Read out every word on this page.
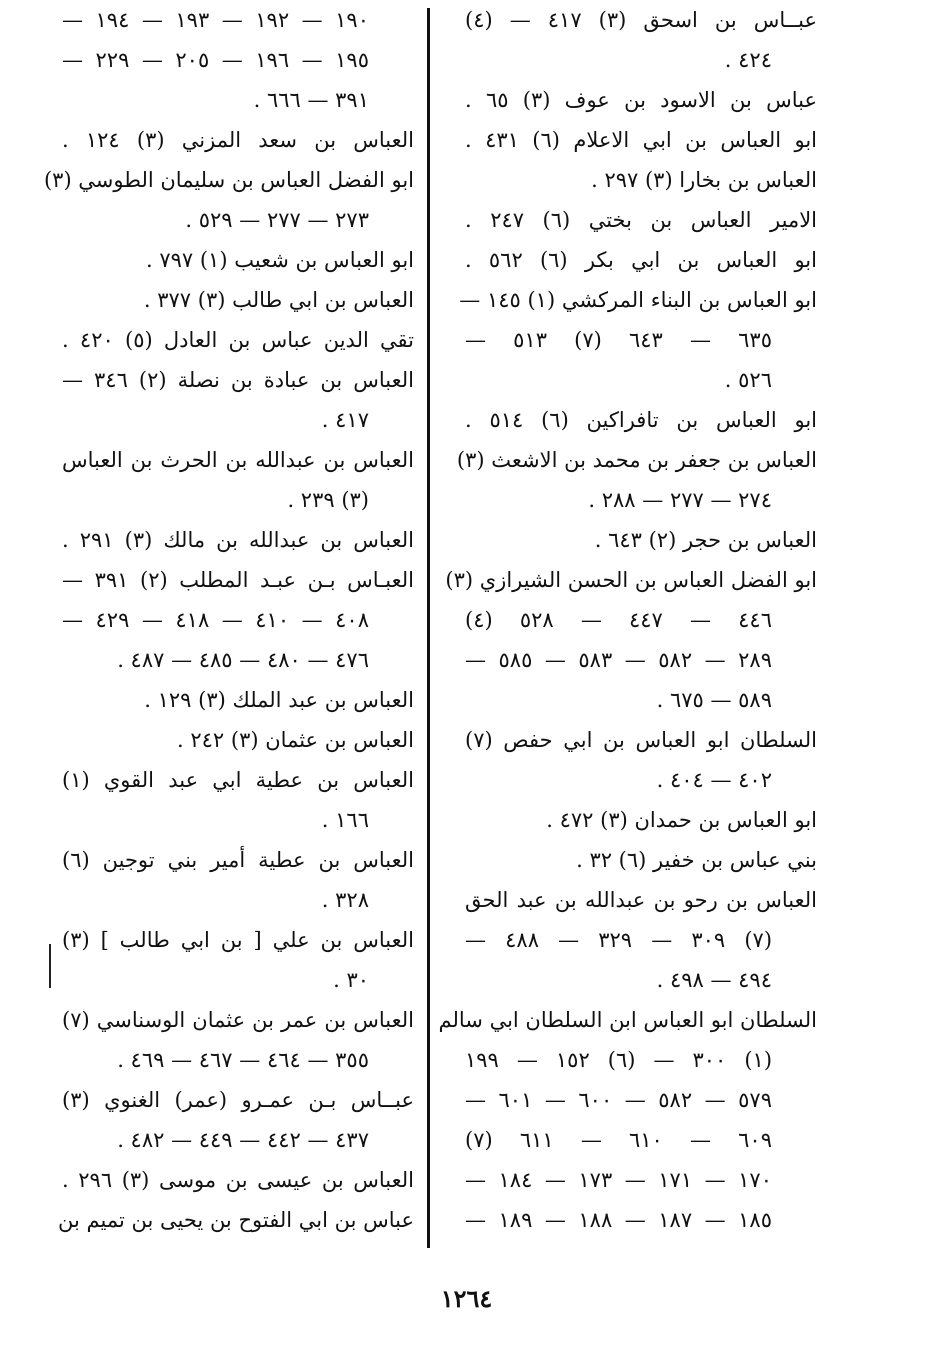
عبــاس بن اسحق (٣) ٤١٧ — (٤)
٤٢٤ .
عباس بن الاسود بن عوف (٣) ٦٥ .
ابو العباس بن ابي الاعلام (٦) ٤٣١ .
العباس بن بخارا (٣) ٢٩٧ .
الامير العباس بن بختي (٦) ٢٤٧ .
ابو العباس بن ابي بكر (٦) ٥٦٢ .
ابو العباس بن البناء المركشي (١) ١٤٥ —
٦٣٥ — ٦٤٣ (٧) ٥١٣ —
٥٢٦ .
ابو العباس بن تافراكين (٦) ٥١٤ .
العباس بن جعفر بن محمد بن الاشعث (٣)
٢٧٤ — ٢٧٧ — ٢٨٨ .
العباس بن حجر (٢) ٦٤٣ .
ابو الفضل العباس بن الحسن الشيرازي (٣)
٤٤٦ — ٤٤٧ — ٥٢٨ (٤)
٢٨٩ — ٥٨٢ — ٥٨٣ — ٥٨٥ —
٥٨٩ — ٦٧٥ .
السلطان ابو العباس بن ابي حفص (٧)
٤٠٢ — ٤٠٤ .
ابو العباس بن حمدان (٣) ٤٧٢ .
بني عباس بن خفير (٦) ٣٢ .
العباس بن رحو بن عبدالله بن عبد الحق
(٧) ٣٠٩ — ٣٢٩ — ٤٨٨ —
٤٩٤ — ٤٩٨ .
السلطان ابو العباس ابن السلطان ابي سالم
(١) ٣٠٠ — (٦) ١٥٢ — ١٩٩
٥٧٩ — ٥٨٢ — ٦٠٠ — ٦٠١ —
٦٠٩ — ٦١٠ — ٦١١ (٧)
١٧٠ — ١٧١ — ١٧٣ — ١٨٤ —
١٨٥ — ١٨٧ — ١٨٨ — ١٨٩ —
١٩٠ — ١٩٢ — ١٩٣ — ١٩٤ —
١٩٥ — ١٩٦ — ٢٠٥ — ٢٢٩ —
٣٩١ — ٦٦٦ .
العباس بن سعد المزني (٣) ١٢٤ .
ابو الفضل العباس بن سليمان الطوسي (٣)
٢٧٣ — ٢٧٧ — ٥٢٩ .
ابو العباس بن شعيب (١) ٧٩٧ .
العباس بن ابي طالب (٣) ٣٧٧ .
تقي الدين عباس بن العادل (٥) ٤٢٠ .
العباس بن عبادة بن نصلة (٢) ٣٤٦ —
٤١٧ .
العباس بن عبدالله بن الحرث بن العباس
(٣) ٢٣٩ .
العباس بن عبدالله بن مالك (٣) ٢٩١ .
العبـاس بـن عبـد المطلب (٢) ٣٩١ —
٤٠٨ — ٤١٠ — ٤١٨ — ٤٢٩ —
٤٧٦ — ٤٨٠ — ٤٨٥ — ٤٨٧ .
العباس بن عبد الملك (٣) ١٢٩ .
العباس بن عثمان (٣) ٢٤٢ .
العباس بن عطية ابي عبد القوي (١)
١٦٦ .
العباس بن عطية أمير بني توجين (٦)
٣٢٨ .
العباس بن علي [ بن ابي طالب ] (٣)
٣٠ .
العباس بن عمر بن عثمان الوسناسي (٧)
٣٥٥ — ٤٦٤ — ٤٦٧ — ٤٦٩ .
عبــاس بـن عمـرو (عمر) الغنوي (٣)
٤٣٧ — ٤٤٢ — ٤٤٩ — ٤٨٢ .
العباس بن عيسى بن موسى (٣) ٢٩٦ .
عباس بن ابي الفتوح بن يحيى بن تميم بن
١٢٦٤
